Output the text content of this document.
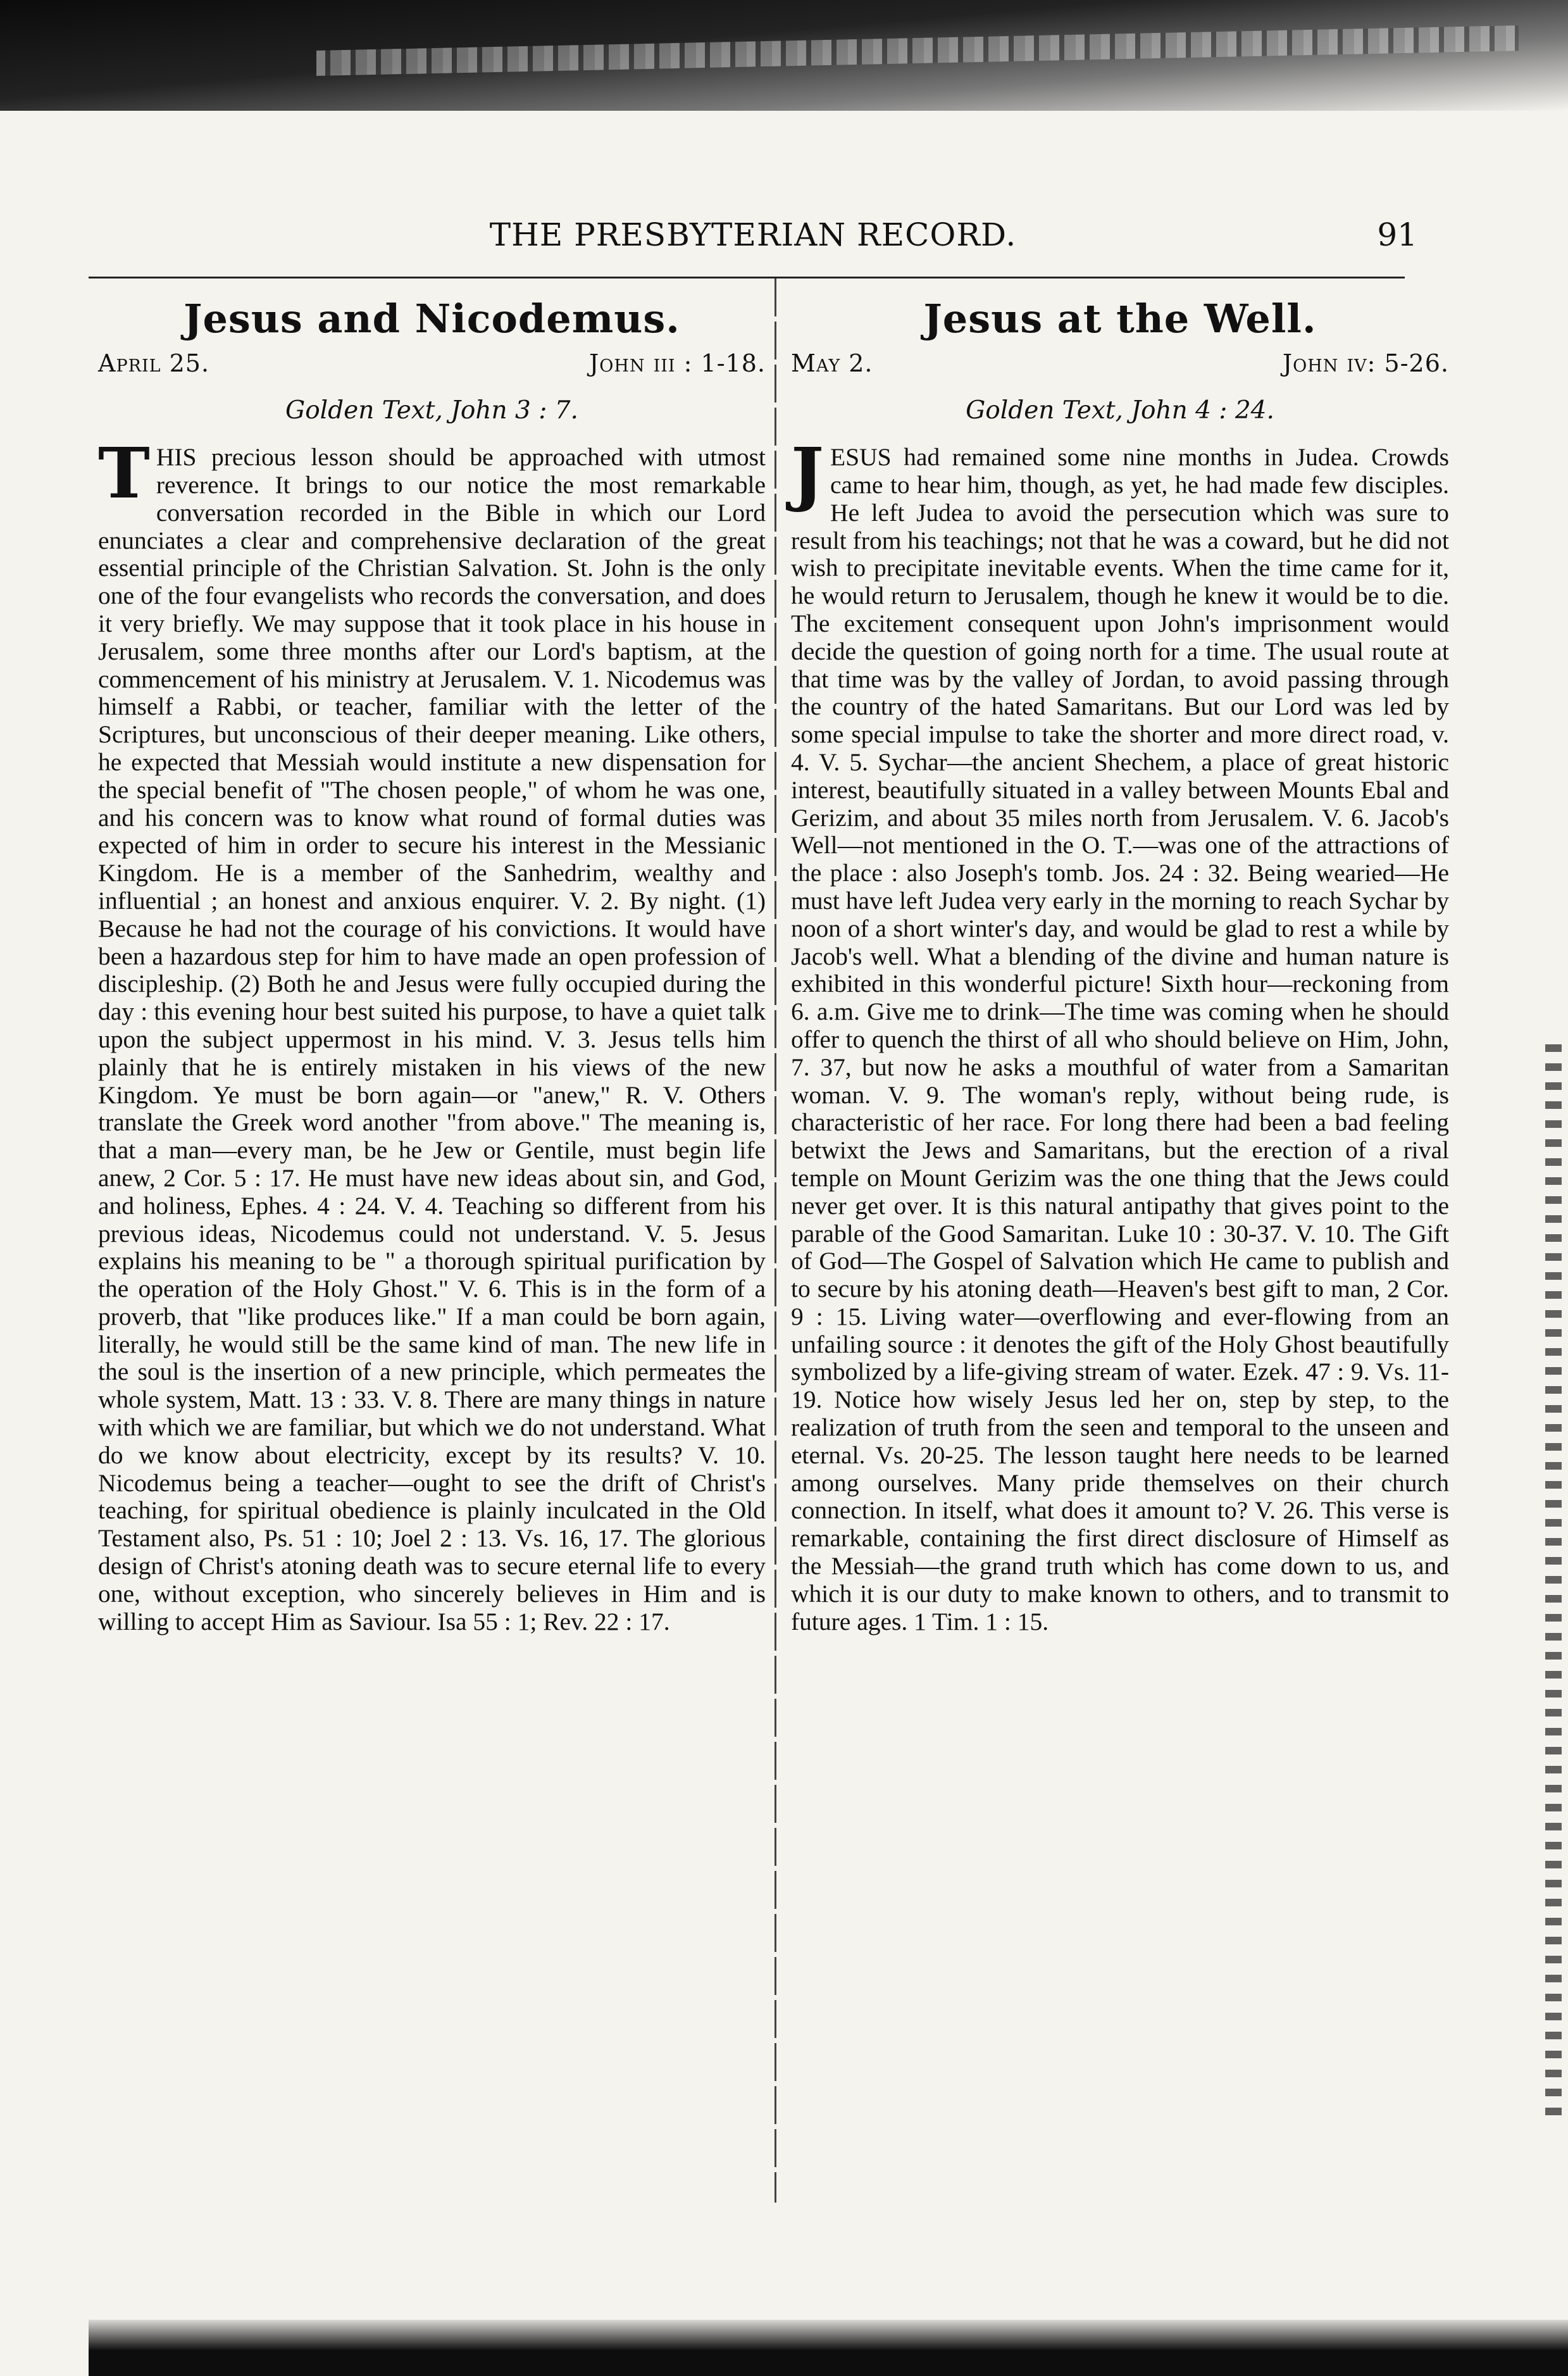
THE PRESBYTERIAN RECORD.	91
Jesus and Nicodemus.
April 25.	John iii : 1-18.
Golden Text, John 3 : 7.

THIS precious lesson should be approached with utmost reverence. It brings to our notice the most remarkable conversation recorded in the Bible in which our Lord enunciates a clear and comprehensive declaration of the great essential principle of the Christian Salvation. St. John is the only one of the four evangelists who records the conversation, and does it very briefly. We may suppose that it took place in his house in Jerusalem, some three months after our Lord's baptism, at the commencement of his ministry at Jerusalem. V. 1. Nicodemus was himself a Rabbi, or teacher, familiar with the letter of the Scriptures, but unconscious of their deeper meaning. Like others, he expected that Messiah would institute a new dispensation for the special benefit of "The chosen people," of whom he was one, and his concern was to know what round of formal duties was expected of him in order to secure his interest in the Messianic Kingdom. He is a member of the Sanhedrim, wealthy and influential ; an honest and anxious enquirer. V. 2. By night. (1) Because he had not the courage of his convictions. It would have been a hazardous step for him to have made an open profession of discipleship. (2) Both he and Jesus were fully occupied during the day : this evening hour best suited his purpose, to have a quiet talk upon the subject uppermost in his mind. V. 3. Jesus tells him plainly that he is entirely mistaken in his views of the new Kingdom. Ye must be born again—or "anew," R. V. Others translate the Greek word another "from above." The meaning is, that a man—every man, be he Jew or Gentile, must begin life anew, 2 Cor. 5 : 17. He must have new ideas about sin, and God, and holiness, Ephes. 4 : 24. V. 4. Teaching so different from his previous ideas, Nicodemus could not understand. V. 5. Jesus explains his meaning to be " a thorough spiritual purification by the operation of the Holy Ghost." V. 6. This is in the form of a proverb, that "like produces like." If a man could be born again, literally, he would still be the same kind of man. The new life in the soul is the insertion of a new principle, which permeates the whole system, Matt. 13 : 33. V. 8. There are many things in nature with which we are familiar, but which we do not understand. What do we know about electricity, except by its results? V. 10. Nicodemus being a teacher—ought to see the drift of Christ's teaching, for spiritual obedience is plainly inculcated in the Old Testament also, Ps. 51 : 10; Joel 2 : 13. Vs. 16, 17. The glorious design of Christ's atoning death was to secure eternal life to every one, without exception, who sincerely believes in Him and is willing to accept Him as Saviour. Isa 55 : 1; Rev. 22 : 17.

Jesus at the Well.
May 2.	John iv: 5-26.
Golden Text, John 4 : 24.

JESUS had remained some nine months in Judea. Crowds came to hear him, though, as yet, he had made few disciples. He left Judea to avoid the persecution which was sure to result from his teachings; not that he was a coward, but he did not wish to precipitate inevitable events. When the time came for it, he would return to Jerusalem, though he knew it would be to die. The excitement consequent upon John's imprisonment would decide the question of going north for a time. The usual route at that time was by the valley of Jordan, to avoid passing through the country of the hated Samaritans. But our Lord was led by some special impulse to take the shorter and more direct road, v. 4. V. 5. Sychar—the ancient Shechem, a place of great historic interest, beautifully situated in a valley between Mounts Ebal and Gerizim, and about 35 miles north from Jerusalem. V. 6. Jacob's Well—not mentioned in the O. T.—was one of the attractions of the place : also Joseph's tomb. Jos. 24 : 32. Being wearied—He must have left Judea very early in the morning to reach Sychar by noon of a short winter's day, and would be glad to rest a while by Jacob's well. What a blending of the divine and human nature is exhibited in this wonderful picture! Sixth hour—reckoning from 6. a.m. Give me to drink—The time was coming when he should offer to quench the thirst of all who should believe on Him, John, 7. 37, but now he asks a mouthful of water from a Samaritan woman. V. 9. The woman's reply, without being rude, is characteristic of her race. For long there had been a bad feeling betwixt the Jews and Samaritans, but the erection of a rival temple on Mount Gerizim was the one thing that the Jews could never get over. It is this natural antipathy that gives point to the parable of the Good Samaritan. Luke 10 : 30-37. V. 10. The Gift of God—The Gospel of Salvation which He came to publish and to secure by his atoning death—Heaven's best gift to man, 2 Cor. 9 : 15. Living water—overflowing and ever-flowing from an unfailing source : it denotes the gift of the Holy Ghost beautifully symbolized by a life-giving stream of water. Ezek. 47 : 9. Vs. 11-19. Notice how wisely Jesus led her on, step by step, to the realization of truth from the seen and temporal to the unseen and eternal. Vs. 20-25. The lesson taught here needs to be learned among ourselves. Many pride themselves on their church connection. In itself, what does it amount to? V. 26. This verse is remarkable, containing the first direct disclosure of Himself as the Messiah—the grand truth which has come down to us, and which it is our duty to make known to others, and to transmit to future ages. 1 Tim. 1 : 15.
